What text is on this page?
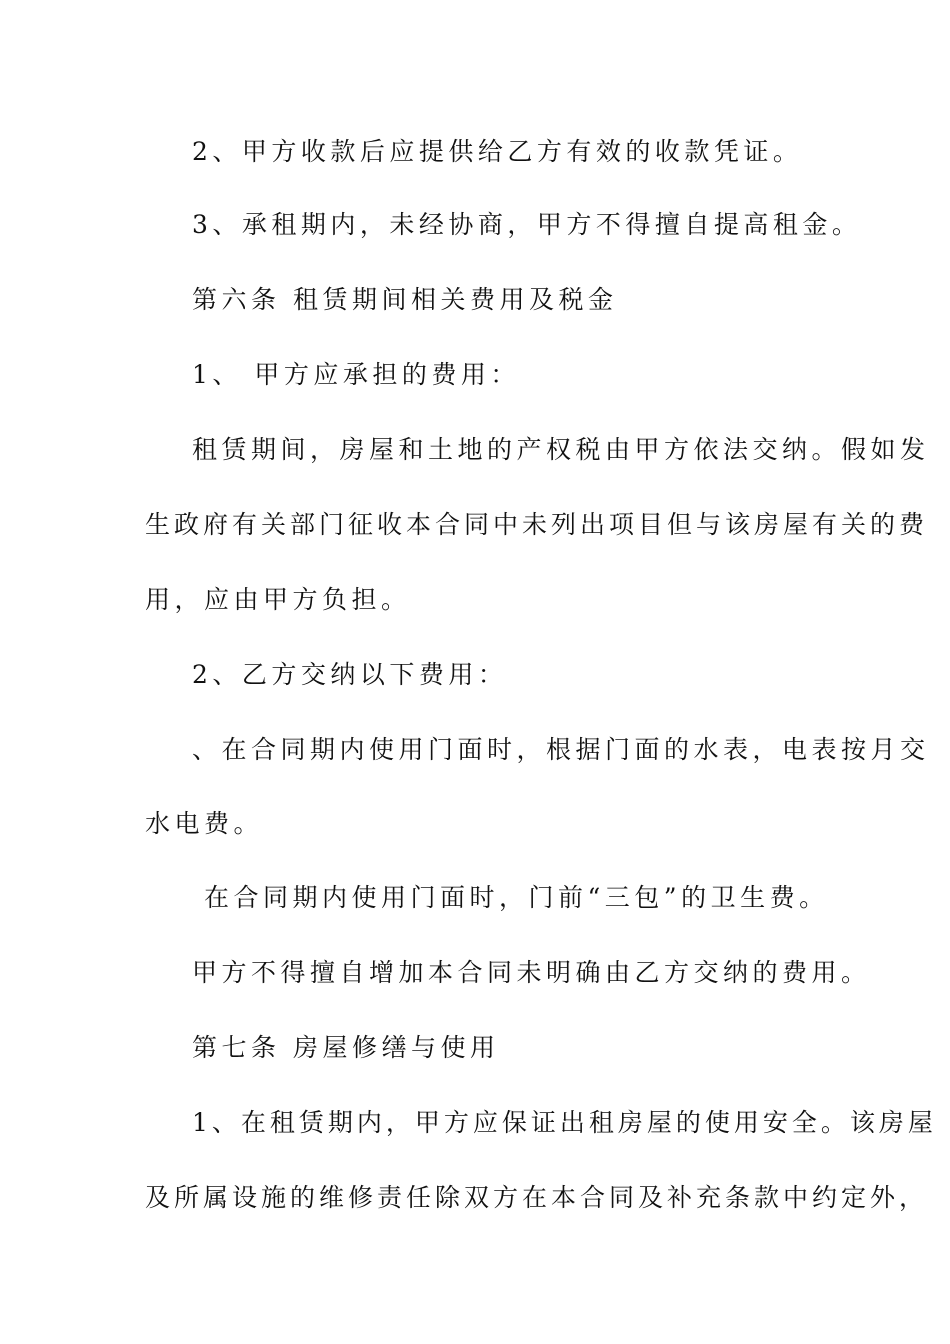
2、甲方收款后应提供给乙方有效的收款凭证。
3、承租期内，未经协商，甲方不得擅自提高租金。
第六条 租赁期间相关费用及税金
1、 甲方应承担的费用：
租赁期间，房屋和土地的产权税由甲方依法交纳。假如发
生政府有关部门征收本合同中未列出项目但与该房屋有关的费
用，应由甲方负担。
2、乙方交纳以下费用：
、在合同期内使用门面时，根据门面的水表，电表按月交
水电费。
在合同期内使用门面时，门前“三包”的卫生费。
甲方不得擅自增加本合同未明确由乙方交纳的费用。
第七条 房屋修缮与使用
1、在租赁期内，甲方应保证出租房屋的使用安全。该房屋
及所属设施的维修责任除双方在本合同及补充条款中约定外，
